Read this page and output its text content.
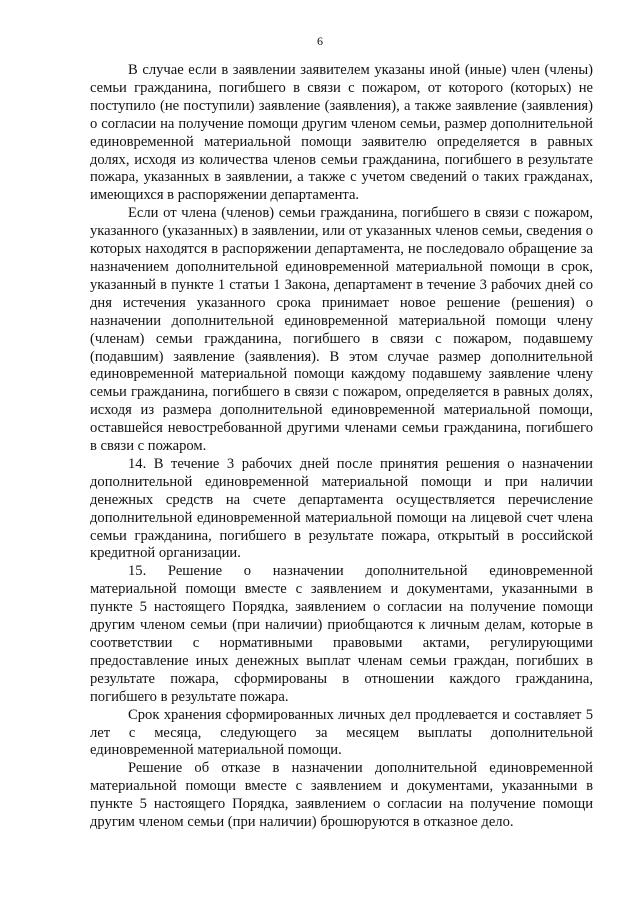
6

В случае если в заявлении заявителем указаны иной (иные) член (члены) семьи гражданина, погибшего в связи с пожаром, от которого (которых) не поступило (не поступили) заявление (заявления), а также заявление (заявления) о согласии на получение помощи другим членом семьи, размер дополнительной единовременной материальной помощи заявителю определяется в равных долях, исходя из количества членов семьи гражданина, погибшего в результате пожара, указанных в заявлении, а также с учетом сведений о таких гражданах, имеющихся в распоряжении департамента.

Если от члена (членов) семьи гражданина, погибшего в связи с пожаром, указанного (указанных) в заявлении, или от указанных членов семьи, сведения о которых находятся в распоряжении департамента, не последовало обращение за назначением дополнительной единовременной материальной помощи в срок, указанный в пункте 1 статьи 1 Закона, департамент в течение 3 рабочих дней со дня истечения указанного срока принимает новое решение (решения) о назначении дополнительной единовременной материальной помощи члену (членам) семьи гражданина, погибшего в связи с пожаром, подавшему (подавшим) заявление (заявления). В этом случае размер дополнительной единовременной материальной помощи каждому подавшему заявление члену семьи гражданина, погибшего в связи с пожаром, определяется в равных долях, исходя из размера дополнительной единовременной материальной помощи, оставшейся невостребованной другими членами семьи гражданина, погибшего в связи с пожаром.

14. В течение 3 рабочих дней после принятия решения о назначении дополнительной единовременной материальной помощи и при наличии денежных средств на счете департамента осуществляется перечисление дополнительной единовременной материальной помощи на лицевой счет члена семьи гражданина, погибшего в результате пожара, открытый в российской кредитной организации.

15. Решение о назначении дополнительной единовременной материальной помощи вместе с заявлением и документами, указанными в пункте 5 настоящего Порядка, заявлением о согласии на получение помощи другим членом семьи (при наличии) приобщаются к личным делам, которые в соответствии с нормативными правовыми актами, регулирующими предоставление иных денежных выплат членам семьи граждан, погибших в результате пожара, сформированы в отношении каждого гражданина, погибшего в результате пожара.

Срок хранения сформированных личных дел продлевается и составляет 5 лет с месяца, следующего за месяцем выплаты дополнительной единовременной материальной помощи.

Решение об отказе в назначении дополнительной единовременной материальной помощи вместе с заявлением и документами, указанными в пункте 5 настоящего Порядка, заявлением о согласии на получение помощи другим членом семьи (при наличии) брошюруются в отказное дело.
